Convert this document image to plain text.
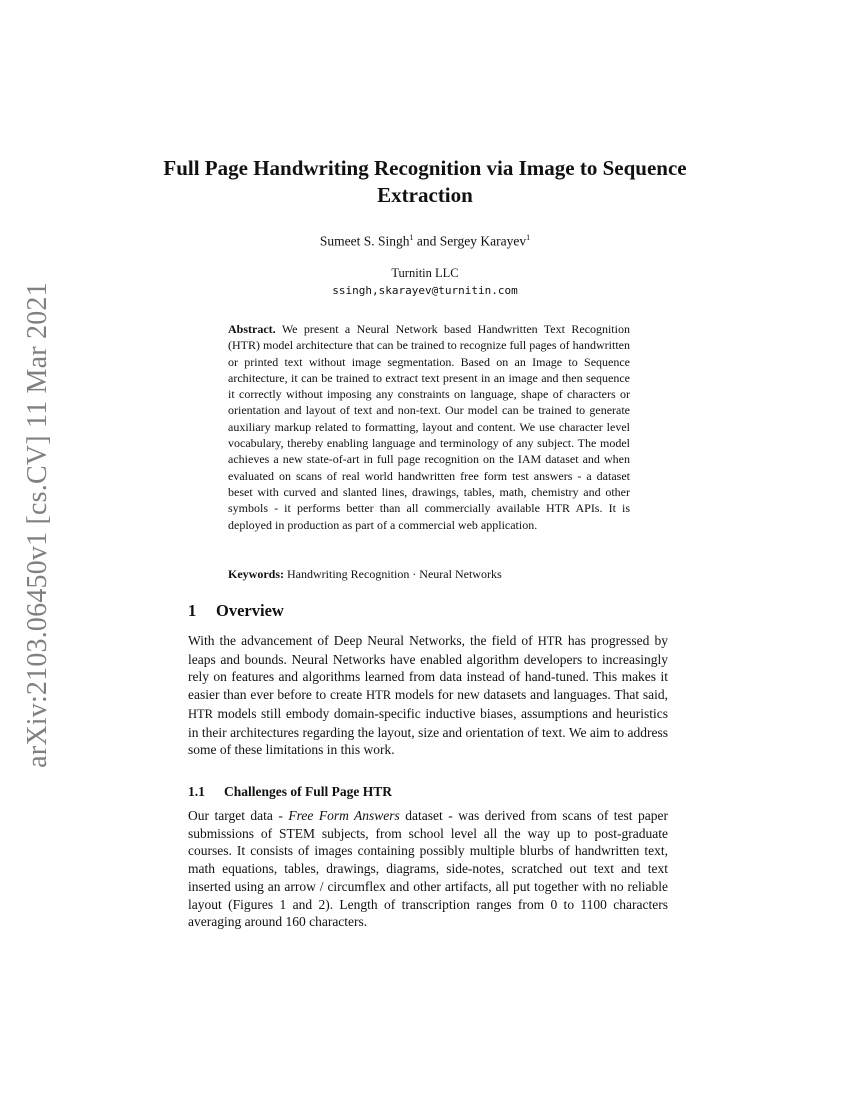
arXiv:2103.06450v1 [cs.CV] 11 Mar 2021
Full Page Handwriting Recognition via Image to Sequence Extraction
Sumeet S. Singh$^1$ and Sergey Karayev$^1$
Turnitin LLC
ssingh,skarayev@turnitin.com
Abstract. We present a Neural Network based Handwritten Text Recognition (HTR) model architecture that can be trained to recognize full pages of handwritten or printed text without image segmentation. Based on an Image to Sequence architecture, it can be trained to extract text present in an image and then sequence it correctly without imposing any constraints on language, shape of characters or orientation and layout of text and non-text. Our model can be trained to generate auxiliary markup related to formatting, layout and content. We use character level vocabulary, thereby enabling language and terminology of any subject. The model achieves a new state-of-art in full page recognition on the IAM dataset and when evaluated on scans of real world handwritten free form test answers - a dataset beset with curved and slanted lines, drawings, tables, math, chemistry and other symbols - it performs better than all commercially available HTR APIs. It is deployed in production as part of a commercial web application.
Keywords: Handwriting Recognition · Neural Networks
1 Overview
With the advancement of Deep Neural Networks, the field of HTR has progressed by leaps and bounds. Neural Networks have enabled algorithm developers to increasingly rely on features and algorithms learned from data instead of hand-tuned. This makes it easier than ever before to create HTR models for new datasets and languages. That said, HTR models still embody domain-specific inductive biases, assumptions and heuristics in their architectures regarding the layout, size and orientation of text. We aim to address some of these limitations in this work.
1.1 Challenges of Full Page HTR
Our target data - Free Form Answers dataset - was derived from scans of test paper submissions of STEM subjects, from school level all the way up to post-graduate courses. It consists of images containing possibly multiple blurbs of handwritten text, math equations, tables, drawings, diagrams, side-notes, scratched out text and text inserted using an arrow / circumflex and other artifacts, all put together with no reliable layout (Figures 1 and 2). Length of transcription ranges from 0 to 1100 characters averaging around 160 characters.
